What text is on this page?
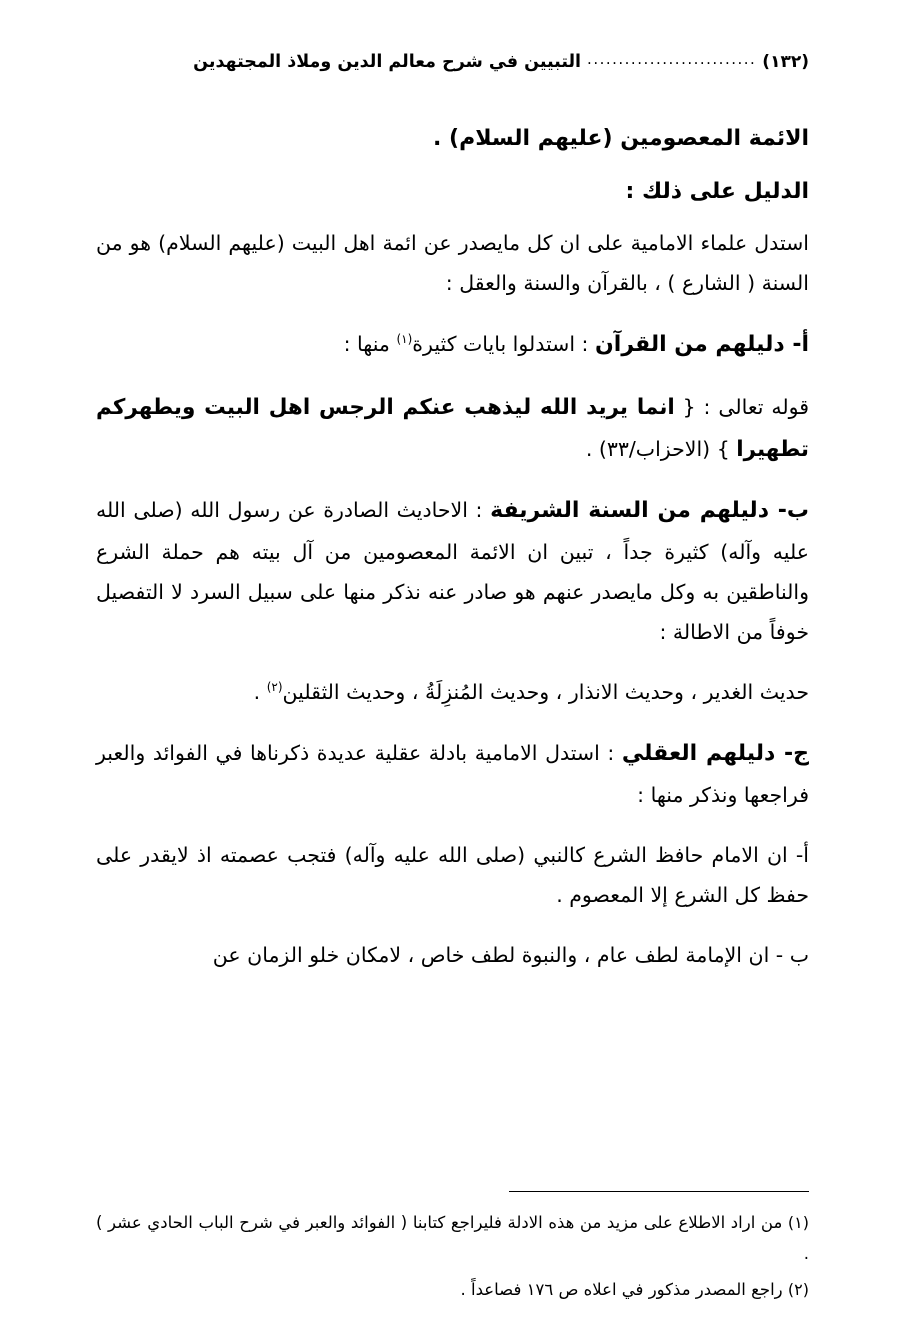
(١٣٢)
...........................
التبيين في شرح معالم الدين وملاذ المجتهدين

الائمة المعصومين (عليهم السلام) .

الدليل على ذلك :

استدل علماء الامامية على ان كل مايصدر عن ائمة اهل البيت (عليهم السلام) هو من السنة ( الشارع ) ، بالقرآن والسنة والعقل :

أ- دليلهم من القرآن : استدلوا بايات كثيرة$^{(١)}$ منها :

قوله تعالى : { انما يريد الله ليذهب عنكم الرجس اهل البيت ويطهركم تطهيرا } (الاحزاب/٣٣) .

ب- دليلهم من السنة الشريفة : الاحاديث الصادرة عن رسول الله (صلى الله عليه وآله) كثيرة جداً ، تبين ان الائمة المعصومين من آل بيته هم حملة الشرع والناطقين به وكل مايصدر عنهم هو صادر عنه نذكر منها على سبيل السرد لا التفصيل خوفاً من الاطالة :

حديث الغدير ، وحديث الانذار ، وحديث المُنزِلَةُ ، وحديث الثقلين$^{(٢)}$ .

ج- دليلهم العقلي : استدل الامامية بادلة عقلية عديدة ذكرناها في الفوائد والعبر فراجعها ونذكر منها :

أ- ان الامام حافظ الشرع كالنبي (صلى الله عليه وآله) فتجب عصمته اذ لايقدر على حفظ كل الشرع إلا المعصوم .

ب - ان الإمامة لطف عام ، والنبوة لطف خاص ، لامكان خلو الزمان عن

(١) من اراد الاطلاع على مزيد من هذه الادلة فليراجع كتابنا ( الفوائد والعبر في شرح الباب الحادي عشر ) .

(٢) راجع المصدر مذكور في اعلاه ص ١٧٦ فصاعداً .
